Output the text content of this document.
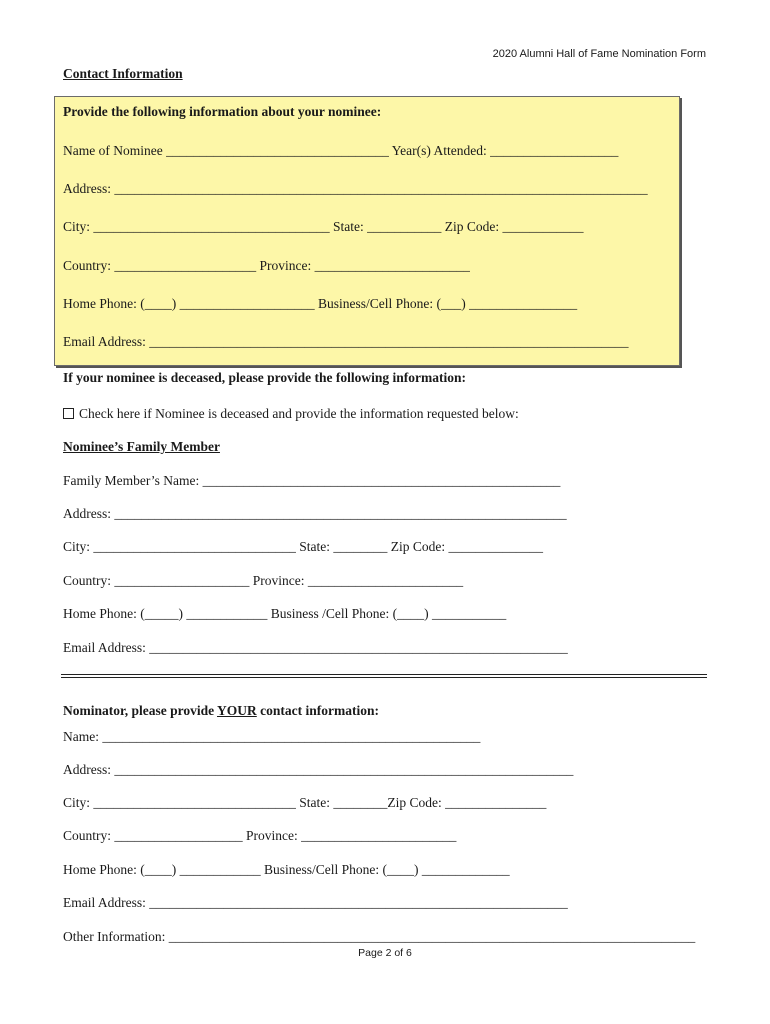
2020 Alumni Hall of Fame Nomination Form
Contact Information
Provide the following information about your nominee:
Name of Nominee _________________________________ Year(s) Attended: ___________________
Address: _______________________________________________________________________________
City: ___________________________________ State: ___________ Zip Code: ____________
Country: _____________________ Province: _______________________
Home Phone: (____) ____________________ Business/Cell Phone: (___) ________________
Email Address: _______________________________________________________________________
If your nominee is deceased, please provide the following information:
Check here if Nominee is deceased and provide the information requested below:
Nominee’s Family Member
Family Member’s Name: _____________________________________________________
Address: ___________________________________________________________________
City: ______________________________ State: ________ Zip Code: ______________
Country: ____________________ Province: _______________________
Home Phone: (_____) ____________ Business /Cell Phone: (____) ___________
Email Address: ______________________________________________________________
Nominator, please provide YOUR contact information:
Name: ________________________________________________________
Address: ____________________________________________________________________
City: ______________________________ State: ________Zip Code: _______________
Country: ___________________ Province: _______________________
Home Phone: (____) ____________ Business/Cell Phone: (____) _____________
Email Address: ______________________________________________________________
Other Information: ______________________________________________________________________________
Page 2 of 6
